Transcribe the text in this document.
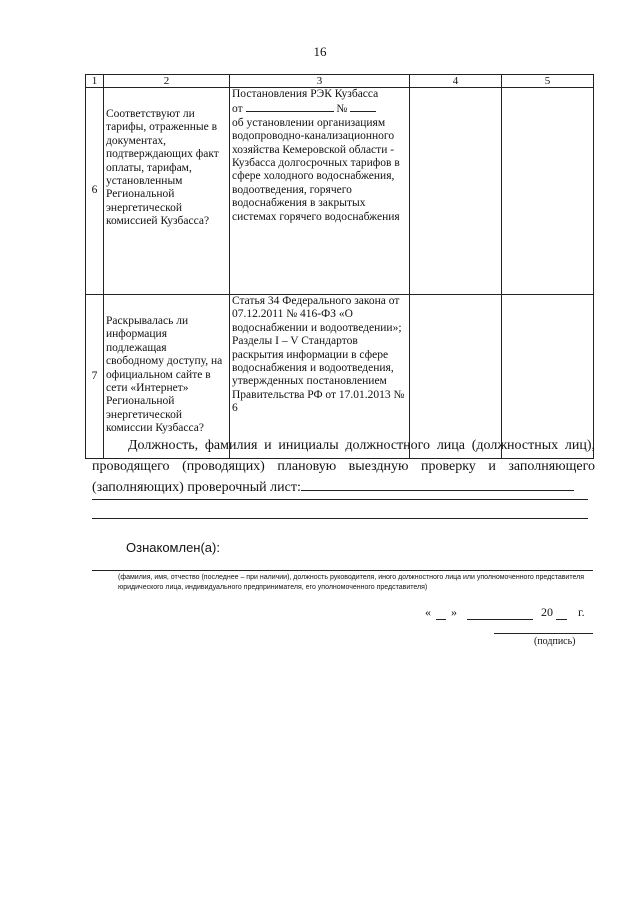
16
1	2	3	4	5
6	Соответствуют ли тарифы, отраженные в документах, подтверждающих факт оплаты, тарифам, установленным Региональной энергетической комиссией Кузбасса?	Постановления РЭК Кузбасса
от №
об установлении организациям водопроводно-канализационного хозяйства Кемеровской области - Кузбасса долгосрочных тарифов в сфере холодного водоснабжения, водоотведения, горячего водоснабжения в закрытых системах горячего водоснабжения		

7	Раскрывалась ли информация подлежащая свободному доступу, на официальном сайте в сети «Интернет» Региональной энергетической комиссии Кузбасса?	Статья 34 Федерального закона от 07.12.2011 № 416-ФЗ «О водоснабжении и водоотведении»; Разделы I – V Стандартов раскрытия информации в сфере водоснабжения и водоотведения, утвержденных постановлением Правительства РФ от 17.01.2013 № 6		
Должность, фамилия и инициалы должностного лица (должностных лиц), проводящего (проводящих) плановую выездную проверку и заполняющего (заполняющих) проверочный лист:
Ознакомлен(а):
(фамилия, имя, отчество (последнее – при наличии), должность руководителя, иного должностного лица или уполномоченного представителя юридического лица, индивидуального предпринимателя, его уполномоченного представителя)
« »	20 г.
(подпись)
